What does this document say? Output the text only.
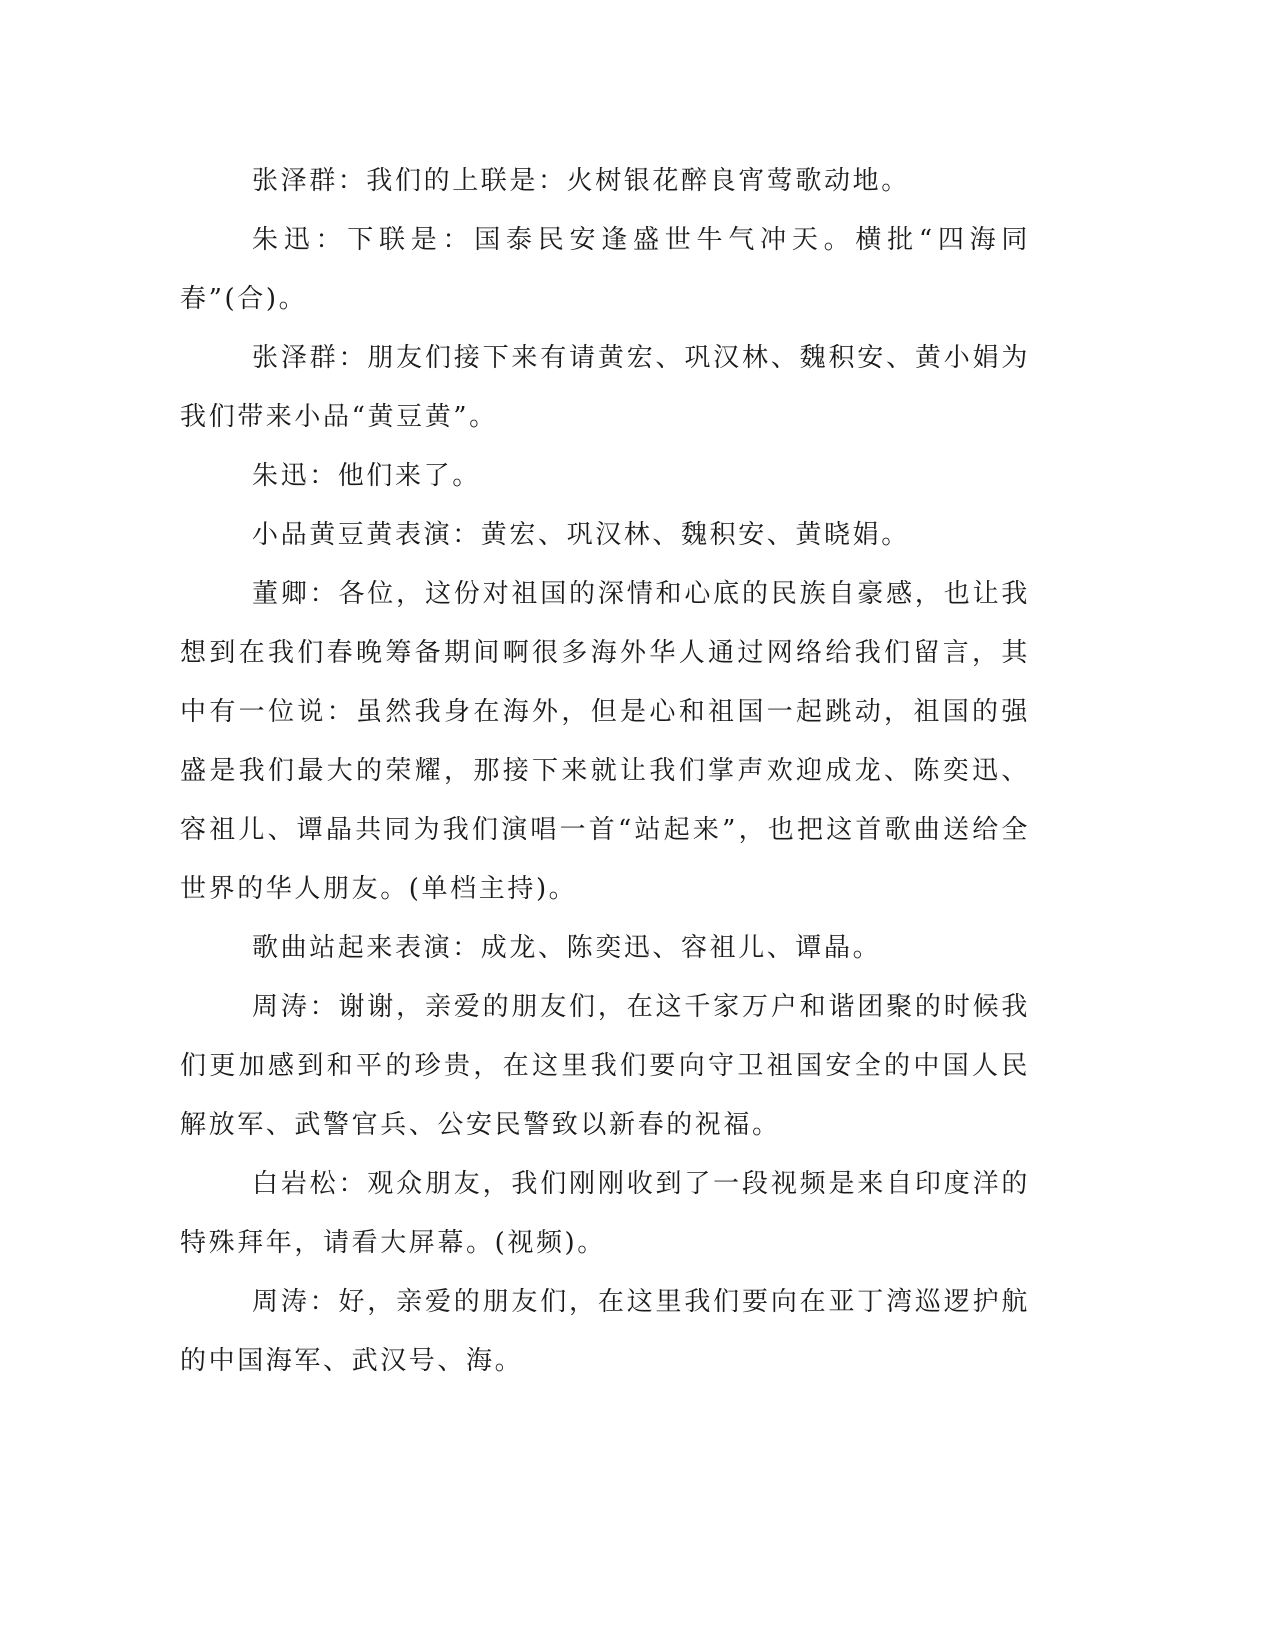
张泽群：我们的上联是：火树银花醉良宵莺歌动地。

朱迅：下联是：国泰民安逢盛世牛气冲天。横批“四海同春”(合)。

张泽群：朋友们接下来有请黄宏、巩汉林、魏积安、黄小娟为我们带来小品“黄豆黄”。

朱迅：他们来了。

小品黄豆黄表演：黄宏、巩汉林、魏积安、黄晓娟。

董卿：各位，这份对祖国的深情和心底的民族自豪感，也让我想到在我们春晚筹备期间啊很多海外华人通过网络给我们留言，其中有一位说：虽然我身在海外，但是心和祖国一起跳动，祖国的强盛是我们最大的荣耀，那接下来就让我们掌声欢迎成龙、陈奕迅、容祖儿、谭晶共同为我们演唱一首“站起来”，也把这首歌曲送给全世界的华人朋友。(单档主持)。

歌曲站起来表演：成龙、陈奕迅、容祖儿、谭晶。

周涛：谢谢，亲爱的朋友们，在这千家万户和谐团聚的时候我们更加感到和平的珍贵，在这里我们要向守卫祖国安全的中国人民解放军、武警官兵、公安民警致以新春的祝福。

白岩松：观众朋友，我们刚刚收到了一段视频是来自印度洋的特殊拜年，请看大屏幕。(视频)。

周涛：好，亲爱的朋友们，在这里我们要向在亚丁湾巡逻护航的中国海军、武汉号、海。
